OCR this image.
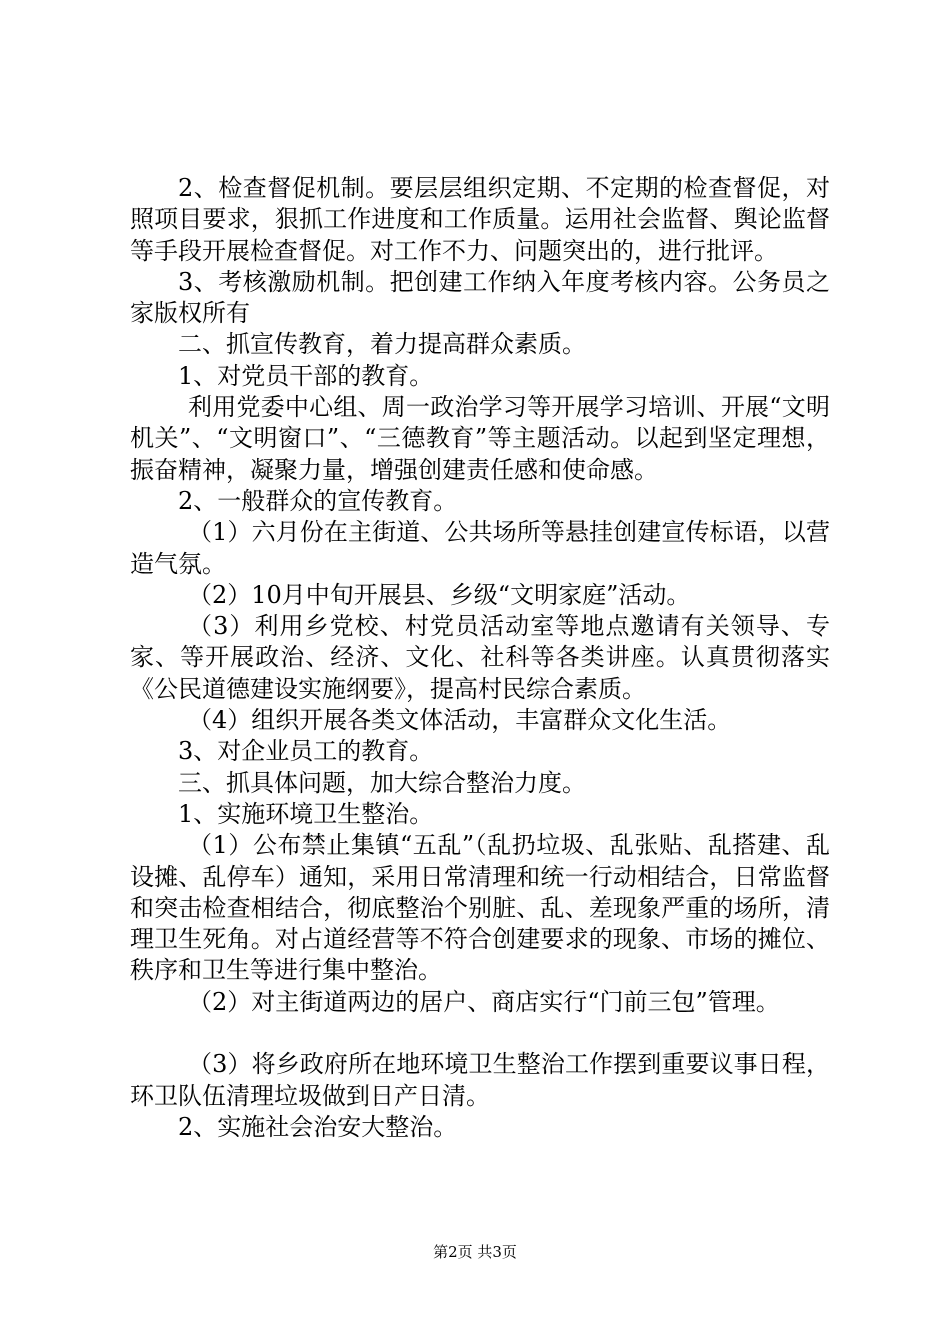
2、检查督促机制。要层层组织定期、不定期的检查督促，对照项目要求，狠抓工作进度和工作质量。运用社会监督、舆论监督等手段开展检查督促。对工作不力、问题突出的，进行批评。

3、考核激励机制。把创建工作纳入年度考核内容。公务员之家版权所有

二、抓宣传教育，着力提高群众素质。

1、对党员干部的教育。

利用党委中心组、周一政治学习等开展学习培训、开展“文明机关”、“文明窗口”、“三德教育”等主题活动。以起到坚定理想，振奋精神，凝聚力量，增强创建责任感和使命感。

2、一般群众的宣传教育。

（1）六月份在主街道、公共场所等悬挂创建宣传标语，以营造气氛。

（2）10月中旬开展县、乡级“文明家庭”活动。

（3）利用乡党校、村党员活动室等地点邀请有关领导、专家、等开展政治、经济、文化、社科等各类讲座。认真贯彻落实《公民道德建设实施纲要》，提高村民综合素质。

（4）组织开展各类文体活动，丰富群众文化生活。

3、对企业员工的教育。

三、抓具体问题，加大综合整治力度。

1、实施环境卫生整治。

（1）公布禁止集镇“五乱”（乱扔垃圾、乱张贴、乱搭建、乱设摊、乱停车）通知，采用日常清理和统一行动相结合，日常监督和突击检查相结合，彻底整治个别脏、乱、差现象严重的场所，清理卫生死角。对占道经营等不符合创建要求的现象、市场的摊位、秩序和卫生等进行集中整治。

（2）对主街道两边的居户、商店实行“门前三包”管理。

（3）将乡政府所在地环境卫生整治工作摆到重要议事日程，环卫队伍清理垃圾做到日产日清。

2、实施社会治安大整治。

第2页 共3页
